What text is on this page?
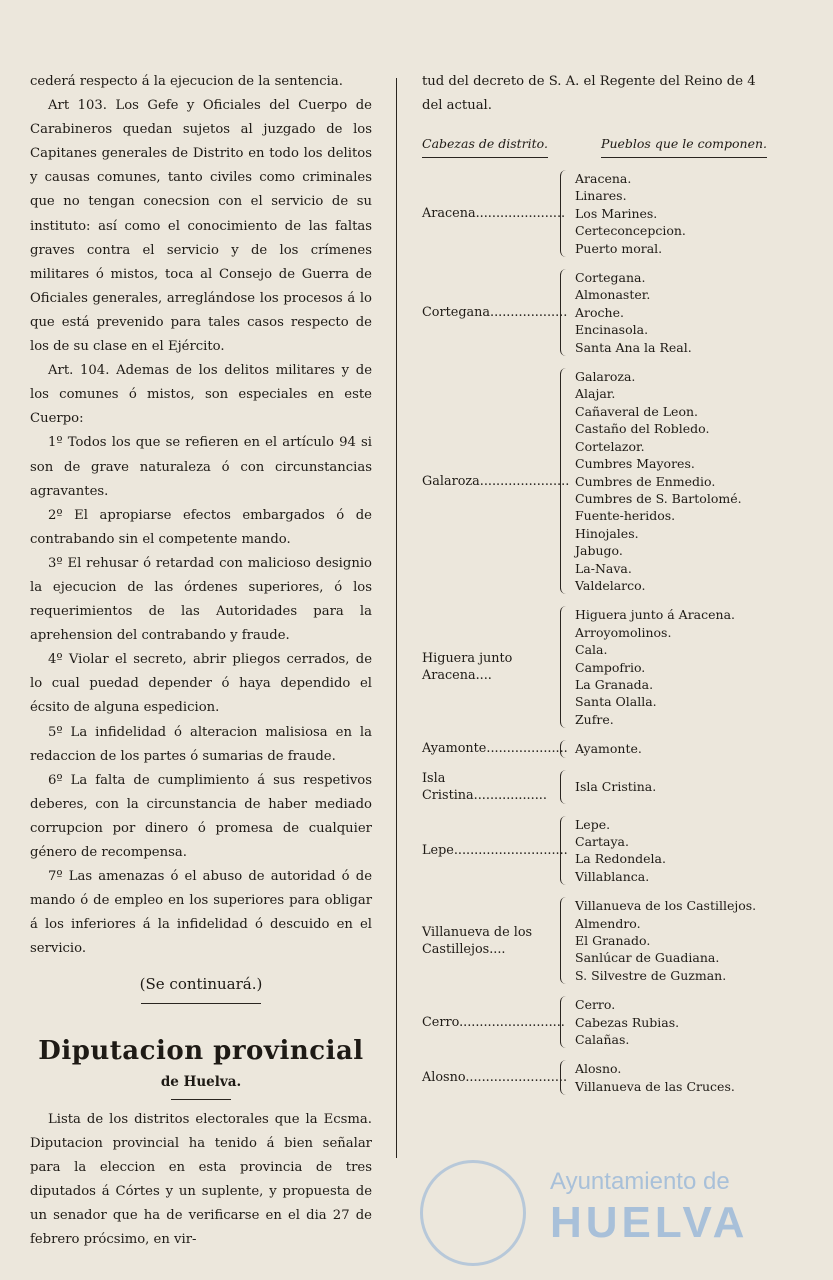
cederá respecto á la ejecucion de la sentencia.

Art 103. Los Gefe y Oficiales del Cuerpo de Carabineros quedan sujetos al juzgado de los Capitanes generales de Distrito en todo los delitos y causas comunes, tanto civiles como criminales que no tengan conecsion con el servicio de su instituto: así como el conocimiento de las faltas graves contra el servicio y de los crímenes militares ó mistos, toca al Consejo de Guerra de Oficiales generales, arreglándose los procesos á lo que está prevenido para tales casos respecto de los de su clase en el Ejército.

Art. 104. Ademas de los delitos militares y de los comunes ó mistos, son especiales en este Cuerpo:

1º Todos los que se refieren en el artículo 94 si son de grave naturaleza ó con circunstancias agravantes.

2º El apropiarse efectos embargados ó de contrabando sin el competente mando.

3º El rehusar ó retardad con malicioso designio la ejecucion de las órdenes superiores, ó los requerimientos de las Autoridades para la aprehension del contrabando y fraude.

4º Violar el secreto, abrir pliegos cerrados, de lo cual puedad depender ó haya dependido el écsito de alguna espedicion.

5º La infidelidad ó alteracion malisiosa en la redaccion de los partes ó sumarias de fraude.

6º La falta de cumplimiento á sus respetivos deberes, con la circunstancia de haber mediado corrupcion por dinero ó promesa de cualquier género de recompensa.

7º Las amenazas ó el abuso de autoridad ó de mando ó de empleo en los superiores para obligar á los inferiores á la infidelidad ó descuido en el servicio.

(Se continuará.)
Diputacion provincial
de Huelva.

Lista de los distritos electorales que la Ecsma. Diputacion provincial ha tenido á bien señalar para la eleccion en esta provincia de tres diputados á Córtes y un suplente, y propuesta de un senador que ha de verificarse en el dia 27 de febrero prócsimo, en vir-

tud del decreto de S. A. el Regente del Reino de 4 del actual.

Cabezas de distrito.	Pueblos que le componen.
Aracena......................
Aracena.
Linares.
Los Marines.
Certeconcepcion.
Puerto moral.
Cortegana...................
Cortegana.
Almonaster.
Aroche.
Encinasola.
Santa Ana la Real.
Galaroza......................
Galaroza.
Alajar.
Cañaveral de Leon.
Castaño del Robledo.
Cortelazor.
Cumbres Mayores.
Cumbres de Enmedio.
Cumbres de S. Bartolomé.
Fuente-heridos.
Hinojales.
Jabugo.
La-Nava.
Valdelarco.
Higuera junto Aracena....
Higuera junto á Aracena.
Arroyomolinos.
Cala.
Campofrio.
La Granada.
Santa Olalla.
Zufre.
Ayamonte.................... Ayamonte.
Isla Cristina..................
Isla Cristina.
Lepe............................
Lepe.
Cartaya.
La Redondela.
Villablanca.
Villanueva de los Castillejos....
Villanueva de los Castillejos.
Almendro.
El Granado.
Sanlúcar de Guadiana.
S. Silvestre de Guzman.
Cerro..........................
Cerro.
Cabezas Rubias.
Calañas.
Alosno.........................
Alosno.
Villanueva de las Cruces.
Ayuntamiento de
HUELVA
